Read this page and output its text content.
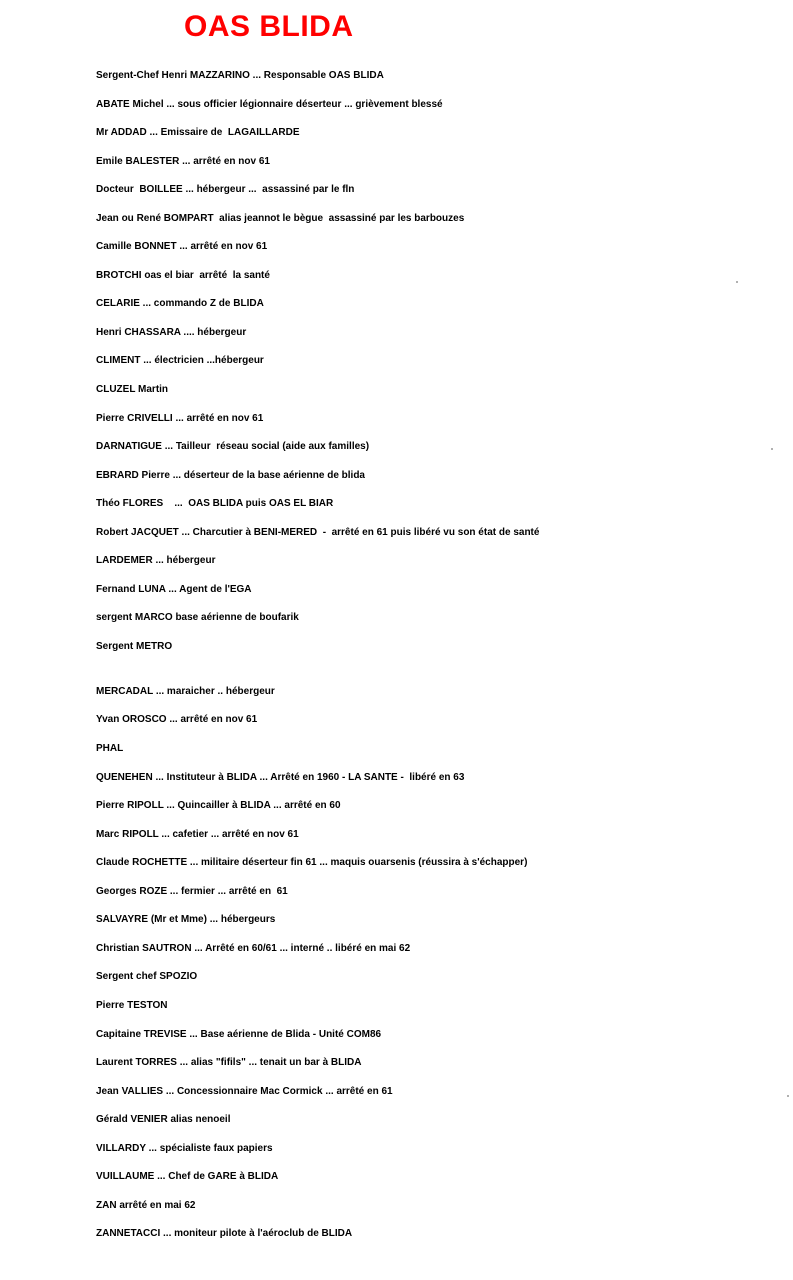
OAS BLIDA
Sergent-Chef Henri MAZZARINO ... Responsable OAS BLIDA
ABATE Michel ... sous officier légionnaire déserteur ... grièvement blessé
Mr ADDAD ... Emissaire de  LAGAILLARDE
Emile BALESTER ... arrêté en nov 61
Docteur  BOILLEE ... hébergeur ...  assassiné par le fln
Jean ou René BOMPART  alias jeannot le bègue  assassiné par les barbouzes
Camille BONNET ... arrêté en nov 61
BROTCHI oas el biar  arrêté  la santé
CELARIE ... commando Z de BLIDA
Henri CHASSARA .... hébergeur
CLIMENT ... électricien ...hébergeur
CLUZEL Martin
Pierre CRIVELLI ... arrêté en nov 61
DARNATIGUE ... Tailleur  réseau social (aide aux familles)
EBRARD Pierre ... déserteur de la base aérienne de blida
Théo FLORES    ...  OAS BLIDA puis OAS EL BIAR
Robert JACQUET ... Charcutier à BENI-MERED  -  arrêté en 61 puis libéré vu son état de santé
LARDEMER ... hébergeur
Fernand LUNA ... Agent de l'EGA
sergent MARCO base aérienne de boufarik
Sergent METRO
MERCADAL ... maraicher .. hébergeur
Yvan OROSCO ... arrêté en nov 61
PHAL
QUENEHEN ... Instituteur à BLIDA ... Arrêté en 1960 - LA SANTE -  libéré en 63
Pierre RIPOLL ... Quincailler à BLIDA ... arrêté en 60
Marc RIPOLL ... cafetier ... arrêté en nov 61
Claude ROCHETTE ... militaire déserteur fin 61 ... maquis ouarsenis (réussira à s'échapper)
Georges ROZE ... fermier ... arrêté en  61
SALVAYRE (Mr et Mme) ... hébergeurs
Christian SAUTRON ... Arrêté en 60/61 ... interné .. libéré en mai 62
Sergent chef SPOZIO
Pierre TESTON
Capitaine TREVISE ... Base aérienne de Blida - Unité COM86
Laurent TORRES ... alias "fifils" ... tenait un bar à BLIDA
Jean VALLIES ... Concessionnaire Mac Cormick ... arrêté en 61
Gérald VENIER alias nenoeil
VILLARDY ... spécialiste faux papiers
VUILLAUME ... Chef de GARE à BLIDA
ZAN arrêté en mai 62
ZANNETACCI ... moniteur pilote à l'aéroclub de BLIDA
